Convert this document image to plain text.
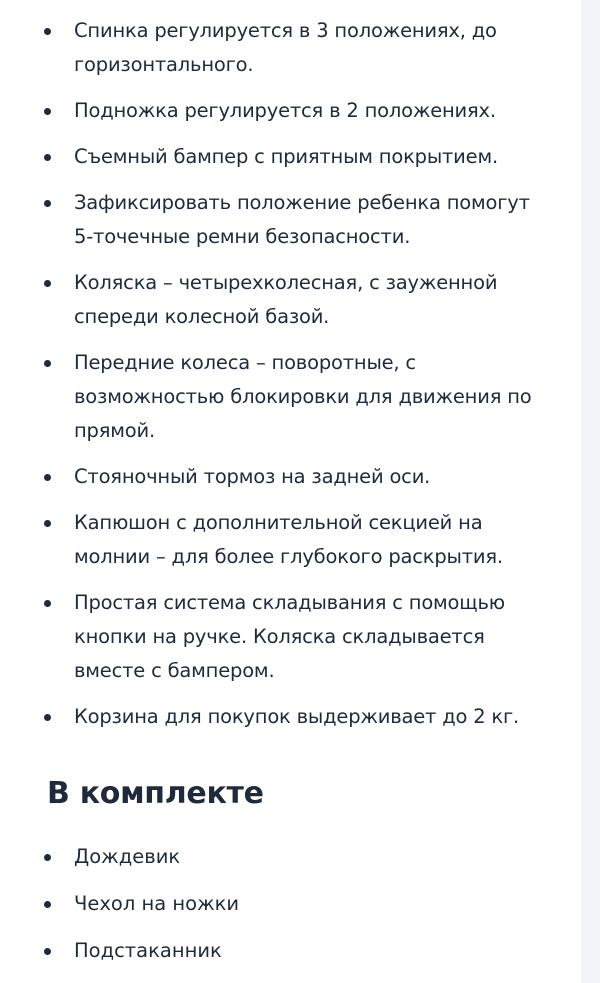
Спинка регулируется в 3 положениях, до горизонтального.
Подножка регулируется в 2 положениях.
Съемный бампер с приятным покрытием.
Зафиксировать положение ребенка помогут 5-точечные ремни безопасности.
Коляска – четырехколесная, с зауженной спереди колесной базой.
Передние колеса – поворотные, с возможностью блокировки для движения по прямой.
Стояночный тормоз на задней оси.
Капюшон с дополнительной секцией на молнии – для более глубокого раскрытия.
Простая система складывания с помощью кнопки на ручке. Коляска складывается вместе с бампером.
Корзина для покупок выдерживает до 2 кг.
В комплекте
Дождевик
Чехол на ножки
Подстаканник
